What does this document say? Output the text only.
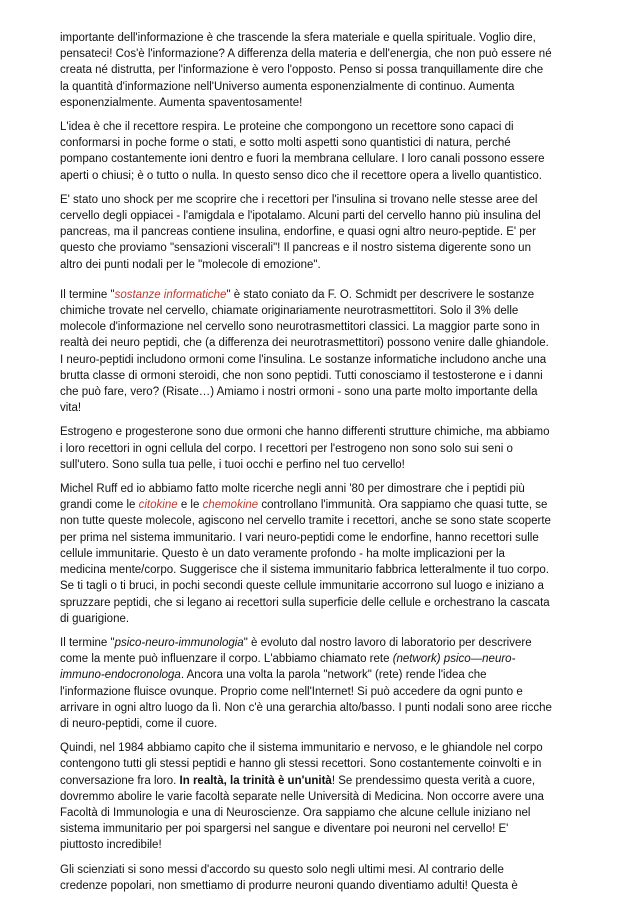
importante dell'informazione è che trascende la sfera materiale e quella spirituale. Voglio dire, pensateci! Cos'è l'informazione? A differenza della materia e dell'energia, che non può essere né creata né distrutta, per l'informazione è vero l'opposto. Penso si possa tranquillamente dire che la quantità d'informazione nell'Universo aumenta esponenzialmente di continuo. Aumenta esponenzialmente. Aumenta spaventosamente!

L'idea è che il recettore respira. Le proteine che compongono un recettore sono capaci di conformarsi in poche forme o stati, e sotto molti aspetti sono quantistici di natura, perché pompano costantemente ioni dentro e fuori la membrana cellulare. I loro canali possono essere aperti o chiusi; è o tutto o nulla. In questo senso dico che il recettore opera a livello quantistico.

E' stato uno shock per me scoprire che i recettori per l'insulina si trovano nelle stesse aree del cervello degli oppiacei - l'amigdala e l'ipotalamo. Alcuni parti del cervello hanno più insulina del pancreas, ma il pancreas contiene insulina, endorfine, e quasi ogni altro neuro-peptide. E' per questo che proviamo "sensazioni viscerali"! Il pancreas e il nostro sistema digerente sono un altro dei punti nodali per le "molecole di emozione".

Il termine "sostanze informatiche" è stato coniato da F. O. Schmidt per descrivere le sostanze chimiche trovate nel cervello, chiamate originariamente neurotrasmettitori. Solo il 3% delle molecole d'informazione nel cervello sono neurotrasmettitori classici. La maggior parte sono in realtà dei neuro peptidi, che (a differenza dei neurotrasmettitori) possono venire dalle ghiandole. I neuro-peptidi includono ormoni come l'insulina. Le sostanze informatiche includono anche una brutta classe di ormoni steroidi, che non sono peptidi. Tutti conosciamo il testosterone e i danni che può fare, vero? (Risate…) Amiamo i nostri ormoni - sono una parte molto importante della vita!

Estrogeno e progesterone sono due ormoni che hanno differenti strutture chimiche, ma abbiamo i loro recettori in ogni cellula del corpo. I recettori per l'estrogeno non sono solo sui seni o sull'utero. Sono sulla tua pelle, i tuoi occhi e perfino nel tuo cervello!

Michel Ruff ed io abbiamo fatto molte ricerche negli anni '80 per dimostrare che i peptidi più grandi come le citokine e le chemokine controllano l'immunità. Ora sappiamo che quasi tutte, se non tutte queste molecole, agiscono nel cervello tramite i recettori, anche se sono state scoperte per prima nel sistema immunitario. I vari neuro-peptidi come le endorfine, hanno recettori sulle cellule immunitarie. Questo è un dato veramente profondo - ha molte implicazioni per la medicina mente/corpo. Suggerisce che il sistema immunitario fabbrica letteralmente il tuo corpo. Se ti tagli o ti bruci, in pochi secondi queste cellule immunitarie accorrono sul luogo e iniziano a spruzzare peptidi, che si legano ai recettori sulla superficie delle cellule e orchestrano la cascata di guarigione.

Il termine "psico-neuro-immunologia" è evoluto dal nostro lavoro di laboratorio per descrivere come la mente può influenzare il corpo. L'abbiamo chiamato rete (network) psico—neuro-immuno-endocronologa. Ancora una volta la parola "network" (rete) rende l'idea che l'informazione fluisce ovunque. Proprio come nell'Internet! Si può accedere da ogni punto e arrivare in ogni altro luogo da lì. Non c'è una gerarchia alto/basso. I punti nodali sono aree ricche di neuro-peptidi, come il cuore.

Quindi, nel 1984 abbiamo capito che il sistema immunitario e nervoso, e le ghiandole nel corpo contengono tutti gli stessi peptidi e hanno gli stessi recettori. Sono costantemente coinvolti e in conversazione fra loro. In realtà, la trinità è un'unità! Se prendessimo questa verità a cuore, dovremmo abolire le varie facoltà separate nelle Università di Medicina. Non occorre avere una Facoltà di Immunologia e una di Neuroscienze. Ora sappiamo che alcune cellule iniziano nel sistema immunitario per poi spargersi nel sangue e diventare poi neuroni nel cervello! E' piuttosto incredibile!

Gli scienziati si sono messi d'accordo su questo solo negli ultimi mesi. Al contrario delle credenze popolari, non smettiamo di produrre neuroni quando diventiamo adulti! Questa è
